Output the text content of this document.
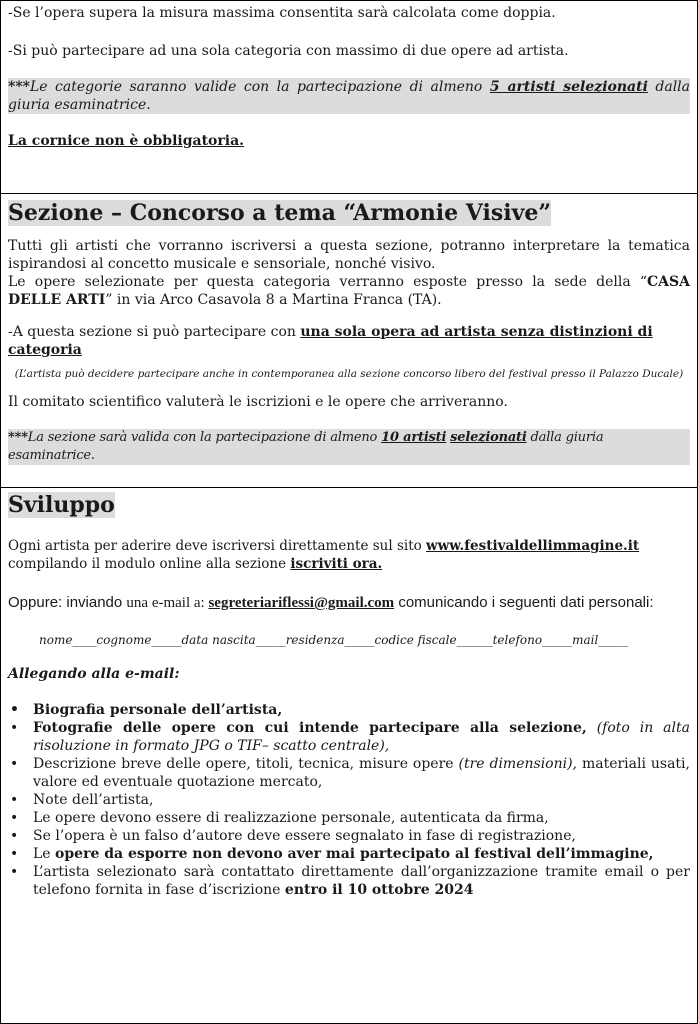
-Se l’opera supera la misura massima consentita sarà calcolata come doppia.

-Si può partecipare ad una sola categoria con massimo di due opere ad artista.

***Le categorie saranno valide con la partecipazione di almeno 5 artisti selezionati dalla giuria esaminatrice.

La cornice non è obbligatoria.

Sezione – Concorso a tema “Armonie Visive”

Tutti gli artisti che vorranno iscriversi a questa sezione, potranno interpretare la tematica ispirandosi al concetto musicale e sensoriale, nonché visivo.

Le opere selezionate per questa categoria verranno esposte presso la sede della “CASA DELLE ARTI” in via Arco Casavola 8 a Martina Franca (TA).

-A questa sezione si può partecipare con una sola opera ad artista senza distinzioni di categoria

(L’artista può decidere partecipare anche in contemporanea alla sezione concorso libero del festival presso il Palazzo Ducale)

Il comitato scientifico valuterà le iscrizioni e le opere che arriveranno.

***La sezione sarà valida con la partecipazione di almeno 10 artisti selezionati dalla giuria esaminatrice.

Sviluppo

Ogni artista per aderire deve iscriversi direttamente sul sito www.festivaldellimmagine.it compilando il modulo online alla sezione iscriviti ora.

Oppure: inviando una e-mail a: segreteriariflessi@gmail.com comunicando i seguenti dati personali:

nome____cognome_____data nascita_____residenza_____codice fiscale______telefono_____mail_____

Allegando alla e-mail:

• Biografia personale dell’artista,
• Fotografie delle opere con cui intende partecipare alla selezione, (foto in alta risoluzione in formato JPG o TIF– scatto centrale),
• Descrizione breve delle opere, titoli, tecnica, misure opere (tre dimensioni), materiali usati, valore ed eventuale quotazione mercato,
• Note dell’artista,
• Le opere devono essere di realizzazione personale, autenticata da firma,
• Se l’opera è un falso d’autore deve essere segnalato in fase di registrazione,
• Le opere da esporre non devono aver mai partecipato al festival dell’immagine,
• L’artista selezionato sarà contattato direttamente dall’organizzazione tramite email o per telefono fornita in fase d’iscrizione entro il 10 ottobre 2024
